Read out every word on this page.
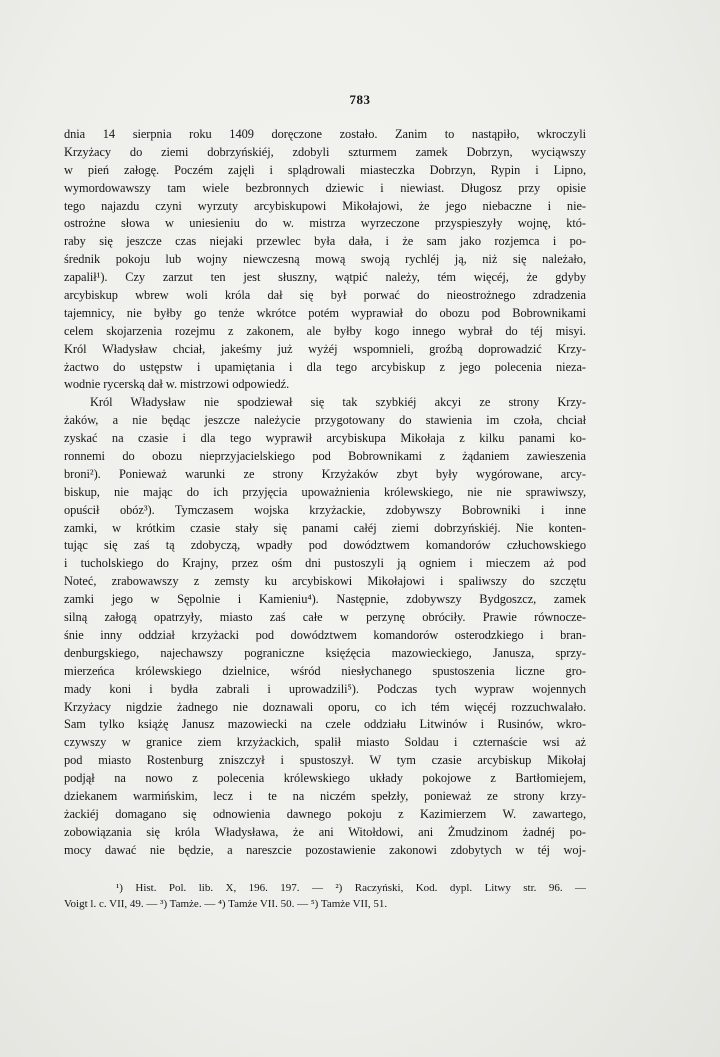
783
dnia 14 sierpnia roku 1409 doręczone zostało. Zanim to nastąpiło, wkroczyli
Krzyżacy do ziemi dobrzyńskiéj, zdobyli szturmem zamek Dobrzyn, wyciąwszy
w pień załogę. Poczém zajęli i splądrowali miasteczka Dobrzyn, Rypin i Lipno,
wymordowawszy tam wiele bezbronnych dziewic i niewiast. Długosz przy opisie
tego najazdu czyni wyrzuty arcybiskupowi Mikołajowi, że jego niebaczne i nie-
ostrożne słowa w uniesieniu do w. mistrza wyrzeczone przyspieszyły wojnę, któ-
raby się jeszcze czas niejaki przewlec była dała, i że sam jako rozjemca i po-
średnik pokoju lub wojny niewczesną mową swoją rychléj ją, niż się należało,
zapalił¹). Czy zarzut ten jest słuszny, wątpić należy, tém więcéj, że gdyby
arcybiskup wbrew woli króla dał się był porwać do nieostrożnego zdradzenia
tajemnicy, nie byłby go tenże wkrótce potém wyprawiał do obozu pod Bobrownikami
celem skojarzenia rozejmu z zakonem, ale byłby kogo innego wybrał do téj misyi.
Król Władysław chciał, jakeśmy już wyżéj wspomnieli, groźbą doprowadzić Krzy-
żactwo do ustępstw i upamiętania i dla tego arcybiskup z jego polecenia nieza-
wodnie rycerską dał w. mistrzowi odpowiedź.
Król Władysław nie spodziewał się tak szybkiéj akcyi ze strony Krzy-
żaków, a nie będąc jeszcze należycie przygotowany do stawienia im czoła, chciał
zyskać na czasie i dla tego wyprawił arcybiskupa Mikołaja z kilku panami ko-
ronnemi do obozu nieprzyjacielskiego pod Bobrownikami z żądaniem zawieszenia
broni²). Ponieważ warunki ze strony Krzyżaków zbyt były wygórowane, arcy-
biskup, nie mając do ich przyjęcia upoważnienia królewskiego, nie nie sprawiwszy,
opuścił obóz³). Tymczasem wojska krzyżackie, zdobywszy Bobrowniki i inne
zamki, w krótkim czasie stały się panami całéj ziemi dobrzyńskiéj. Nie konten-
tując się zaś tą zdobyczą, wpadły pod dowództwem komandorów człuchowskiego
i tucholskiego do Krajny, przez ośm dni pustoszyli ją ogniem i mieczem aż pod
Noteć, zrabowawszy z zemsty ku arcybiskowi Mikołajowi i spaliwszy do szczętu
zamki jego w Sępolnie i Kamieniu⁴). Następnie, zdobywszy Bydgoszcz, zamek
silną załogą opatrzyły, miasto zaś całe w perzynę obróciły. Prawie równocze-
śnie inny oddział krzyżacki pod dowództwem komandorów osterodzkiego i bran-
denburgskiego, najechawszy pograniczne księźęcia mazowieckiego, Janusza, sprzy-
mierzeńca królewskiego dzielnice, wśród niesłychanego spustoszenia liczne gro-
mady koni i bydła zabrali i uprowadzili⁵). Podczas tych wypraw wojennych
Krzyżacy nigdzie żadnego nie doznawali oporu, co ich tém więcéj rozzuchwalało.
Sam tylko książę Janusz mazowiecki na czele oddziału Litwinów i Rusinów, wkro-
czywszy w granice ziem krzyżackich, spalił miasto Soldau i czternaście wsi aż
pod miasto Rostenburg zniszczył i spustoszył. W tym czasie arcybiskup Mikołaj
podjął na nowo z polecenia królewskiego układy pokojowe z Bartłomiejem,
dziekanem warmińskim, lecz i te na niczém spełzły, ponieważ ze strony krzy-
żackiéj domagano się odnowienia dawnego pokoju z Kazimierzem W. zawartego,
zobowiązania się króla Władysława, że ani Witołdowi, ani Żmudzinom żadnéj po-
mocy dawać nie będzie, a nareszcie pozostawienie zakonowi zdobytych w téj woj-
¹) Hist. Pol. lib. X, 196. 197. — ²) Raczyński, Kod. dypl. Litwy str. 96. —
Voigt l. c. VII, 49. — ³) Tamże. — ⁴) Tamże VII. 50. — ⁵) Tamże VII, 51.
